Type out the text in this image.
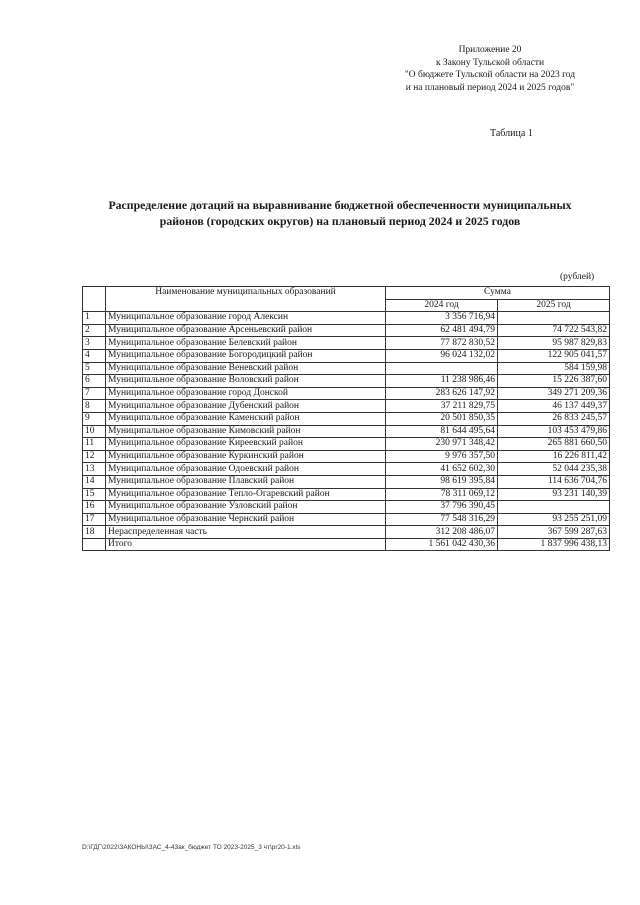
Приложение 20
к Закону Тульской области
"О бюджете Тульской области на 2023 год
и на плановый период 2024 и 2025 годов"
Таблица 1
Распределение дотаций на выравнивание бюджетной обеспеченности муниципальных
районов (городских округов) на плановый период 2024 и 2025 годов
(рублей)
	Наименование муниципальных образований	Сумма	
		2024 год	2025 год
1	Муниципальное образование город Алексин	3 356 716,94	
2	Муниципальное образование Арсеньевский район	62 481 494,79	74 722 543,82
3	Муниципальное образование Белевский район	77 872 830,52	95 987 829,83
4	Муниципальное образование Богородицкий район	96 024 132,02	122 905 041,57
5	Муниципальное образование Веневский район		584 159,98
6	Муниципальное образование Воловский район	11 238 986,46	15 226 387,60
7	Муниципальное образование город Донской	283 626 147,92	349 271 209,36
8	Муниципальное образование Дубенский район	37 211 829,75	46 137 449,37
9	Муниципальное образование Каменский район	20 501 850,35	26 833 245,57
10	Муниципальное образование Кимовский район	81 644 495,64	103 453 479,86
11	Муниципальное образование Киреевский район	230 971 348,42	265 881 660,50
12	Муниципальное образование Куркинский район	9 976 357,50	16 226 811,42
13	Муниципальное образование Одоевский район	41 652 602,30	52 044 235,38
14	Муниципальное образование Плавский район	98 619 395,84	114 636 704,76
15	Муниципальное образование Тепло-Огаревский район	78 311 069,12	93 231 140,39
16	Муниципальное образование Узловский район	37 796 390,45	
17	Муниципальное образование Чернский район	77 548 316,29	93 255 251,09
18	Нераспределенная часть	312 208 486,07	367 599 287,63
	Итого	1 561 042 430,36	1 837 996 438,13
D:\ГДГ\2022\ЗАКОНЫ\ЗАС_4-43ак_бюджет ТО 2023-2025_3 чт\pr20-1.xls
